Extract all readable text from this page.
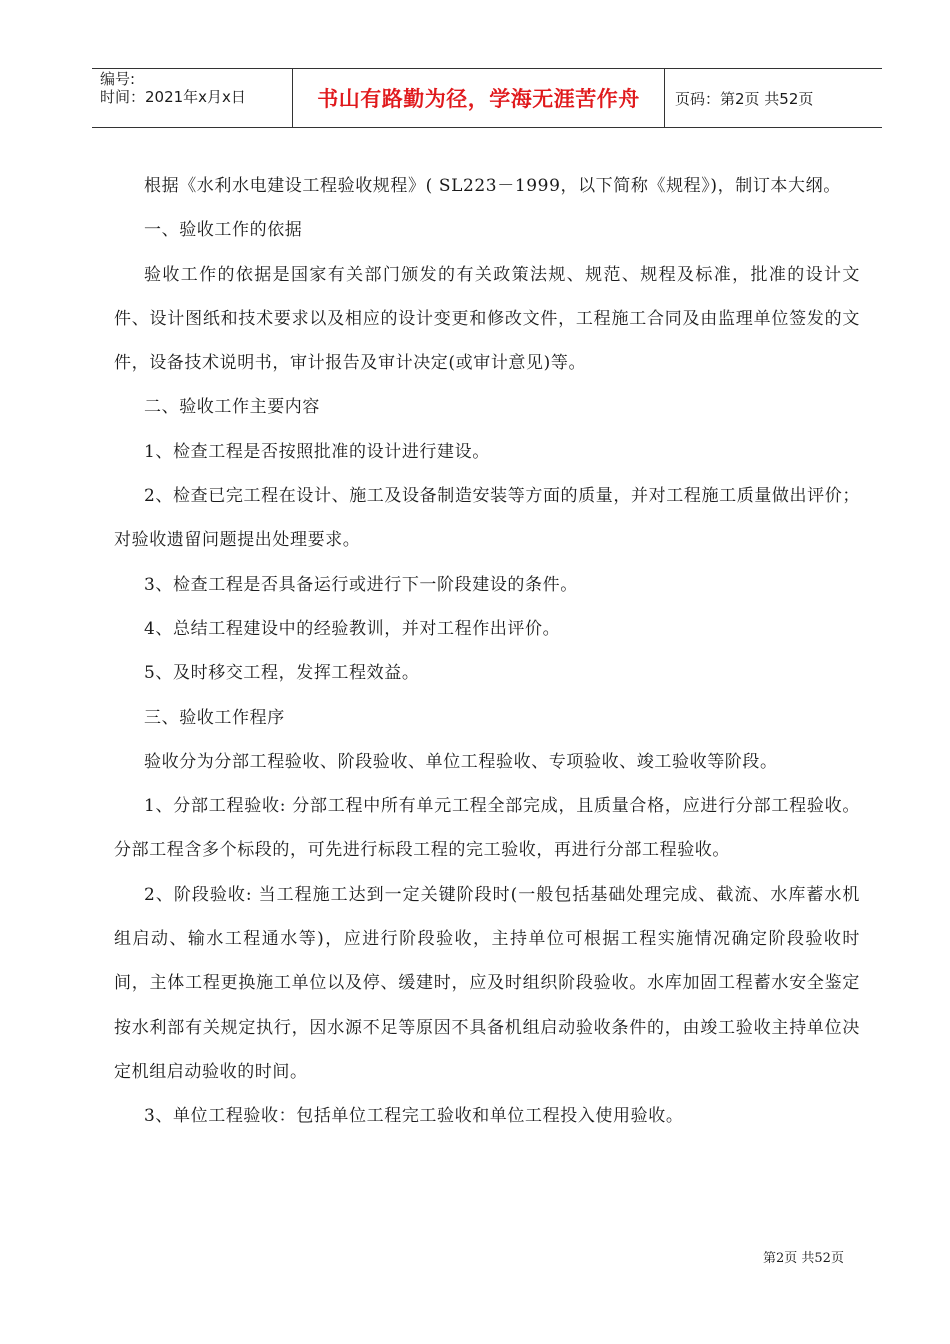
编号:
时间：2021年x月x日	书山有路勤为径，学海无涯苦作舟 页码：第2页 共52页

根据《水利水电建设工程验收规程》( SL223－1999，以下简称《规程》)，制订本大纲。

一、验收工作的依据

验收工作的依据是国家有关部门颁发的有关政策法规、规范、规程及标准，批准的设计文件、设计图纸和技术要求以及相应的设计变更和修改文件，工程施工合同及由监理单位签发的文件，设备技术说明书，审计报告及审计决定(或审计意见)等。

二、验收工作主要内容

1、检查工程是否按照批准的设计进行建设。

2、检查已完工程在设计、施工及设备制造安装等方面的质量，并对工程施工质量做出评价；对验收遗留问题提出处理要求。

3、检查工程是否具备运行或进行下一阶段建设的条件。

4、总结工程建设中的经验教训，并对工程作出评价。

5、及时移交工程，发挥工程效益。

三、验收工作程序

验收分为分部工程验收、阶段验收、单位工程验收、专项验收、竣工验收等阶段。

1、分部工程验收: 分部工程中所有单元工程全部完成，且质量合格，应进行分部工程验收。分部工程含多个标段的，可先进行标段工程的完工验收，再进行分部工程验收。

2、阶段验收: 当工程施工达到一定关键阶段时(一般包括基础处理完成、截流、水库蓄水机组启动、输水工程通水等)，应进行阶段验收，主持单位可根据工程实施情况确定阶段验收时间，主体工程更换施工单位以及停、缓建时，应及时组织阶段验收。水库加固工程蓄水安全鉴定按水利部有关规定执行，因水源不足等原因不具备机组启动验收条件的，由竣工验收主持单位决定机组启动验收的时间。

3、单位工程验收：包括单位工程完工验收和单位工程投入使用验收。

第2页 共52页
